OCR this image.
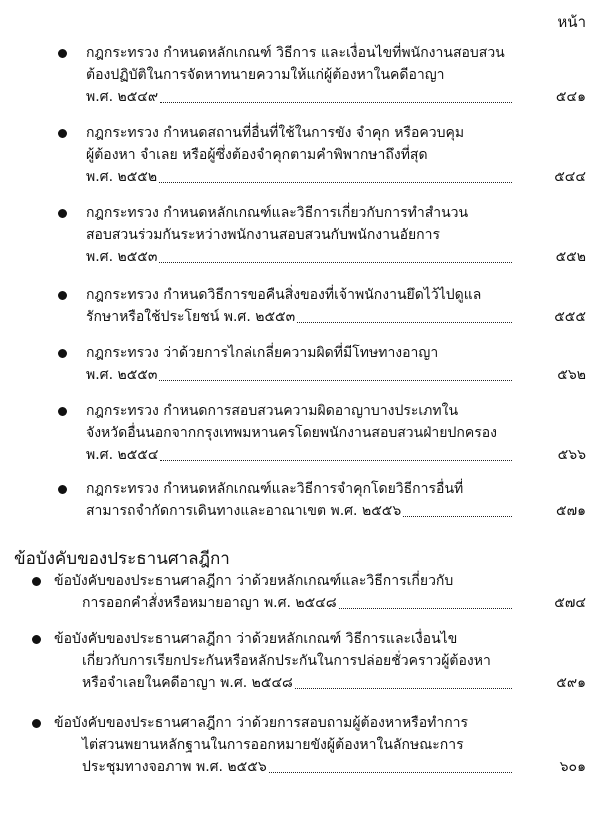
หน้า
กฎกระทรวง กำหนดหลักเกณฑ์ วิธีการ และเงื่อนไขที่พนักงานสอบสวน
ต้องปฏิบัติในการจัดหาทนายความให้แก่ผู้ต้องหาในคดีอาญา
พ.ศ. ๒๕๔๙	๕๔๑
กฎกระทรวง กำหนดสถานที่อื่นที่ใช้ในการขัง จำคุก หรือควบคุม
ผู้ต้องหา จำเลย หรือผู้ซึ่งต้องจำคุกตามคำพิพากษาถึงที่สุด
พ.ศ. ๒๕๕๒	๕๔๔
กฎกระทรวง กำหนดหลักเกณฑ์และวิธีการเกี่ยวกับการทำสำนวน
สอบสวนร่วมกันระหว่างพนักงานสอบสวนกับพนักงานอัยการ
พ.ศ. ๒๕๕๓	๕๕๒
กฎกระทรวง กำหนดวิธีการขอคืนสิ่งของที่เจ้าพนักงานยึดไว้ไปดูแล
รักษาหรือใช้ประโยชน์ พ.ศ. ๒๕๕๓	๕๕๕
กฎกระทรวง ว่าด้วยการไกล่เกลี่ยความผิดที่มีโทษทางอาญา
พ.ศ. ๒๕๕๓	๕๖๒
กฎกระทรวง กำหนดการสอบสวนความผิดอาญาบางประเภทใน
จังหวัดอื่นนอกจากกรุงเทพมหานครโดยพนักงานสอบสวนฝ่ายปกครอง
พ.ศ. ๒๕๕๔	๕๖๖
กฎกระทรวง กำหนดหลักเกณฑ์และวิธีการจำคุกโดยวิธีการอื่นที่
สามารถจำกัดการเดินทางและอาณาเขต พ.ศ. ๒๕๕๖	๕๗๑
ข้อบังคับของประธานศาลฎีกา
ข้อบังคับของประธานศาลฎีกา ว่าด้วยหลักเกณฑ์และวิธีการเกี่ยวกับ
การออกคำสั่งหรือหมายอาญา พ.ศ. ๒๕๔๘	๕๗๔
ข้อบังคับของประธานศาลฎีกา ว่าด้วยหลักเกณฑ์ วิธีการและเงื่อนไข
เกี่ยวกับการเรียกประกันหรือหลักประกันในการปล่อยชั่วคราวผู้ต้องหา
หรือจำเลยในคดีอาญา พ.ศ. ๒๕๔๘	๕๙๑
ข้อบังคับของประธานศาลฎีกา ว่าด้วยการสอบถามผู้ต้องหาหรือทำการ
ไต่สวนพยานหลักฐานในการออกหมายขังผู้ต้องหาในลักษณะการ
ประชุมทางจอภาพ พ.ศ. ๒๕๕๖	๖๐๑
